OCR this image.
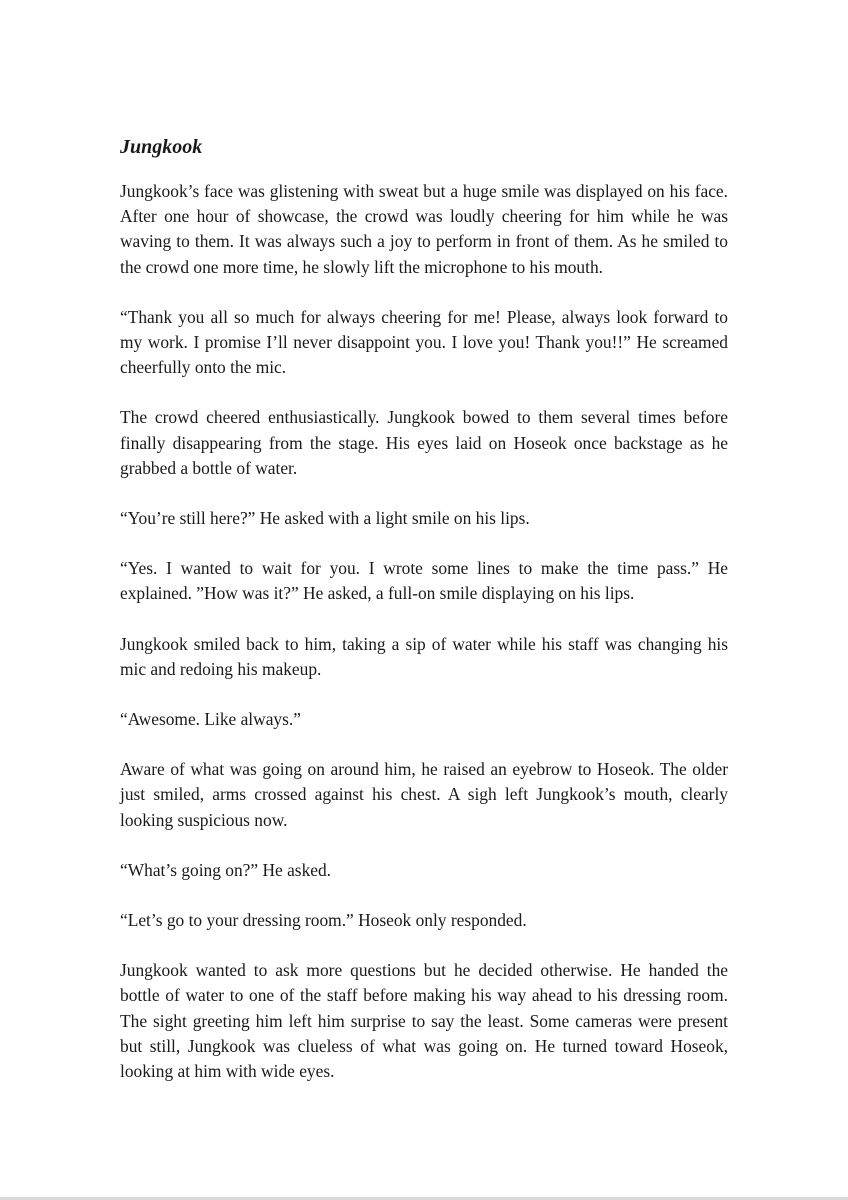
Jungkook

Jungkook’s face was glistening with sweat but a huge smile was displayed on his face. After one hour of showcase, the crowd was loudly cheering for him while he was waving to them. It was always such a joy to perform in front of them. As he smiled to the crowd one more time, he slowly lift the microphone to his mouth.

“Thank you all so much for always cheering for me! Please, always look forward to my work. I promise I’ll never disappoint you. I love you! Thank you!!” He screamed cheerfully onto the mic.

The crowd cheered enthusiastically. Jungkook bowed to them several times before finally disappearing from the stage. His eyes laid on Hoseok once backstage as he grabbed a bottle of water.

“You’re still here?” He asked with a light smile on his lips.

“Yes. I wanted to wait for you. I wrote some lines to make the time pass.” He explained. ”How was it?” He asked, a full-on smile displaying on his lips.

Jungkook smiled back to him, taking a sip of water while his staff was changing his mic and redoing his makeup.

“Awesome. Like always.”

Aware of what was going on around him, he raised an eyebrow to Hoseok. The older just smiled, arms crossed against his chest. A sigh left Jungkook’s mouth, clearly looking suspicious now.

“What’s going on?” He asked.

“Let’s go to your dressing room.” Hoseok only responded.

Jungkook wanted to ask more questions but he decided otherwise. He handed the bottle of water to one of the staff before making his way ahead to his dressing room. The sight greeting him left him surprise to say the least. Some cameras were present but still, Jungkook was clueless of what was going on. He turned toward Hoseok, looking at him with wide eyes.
